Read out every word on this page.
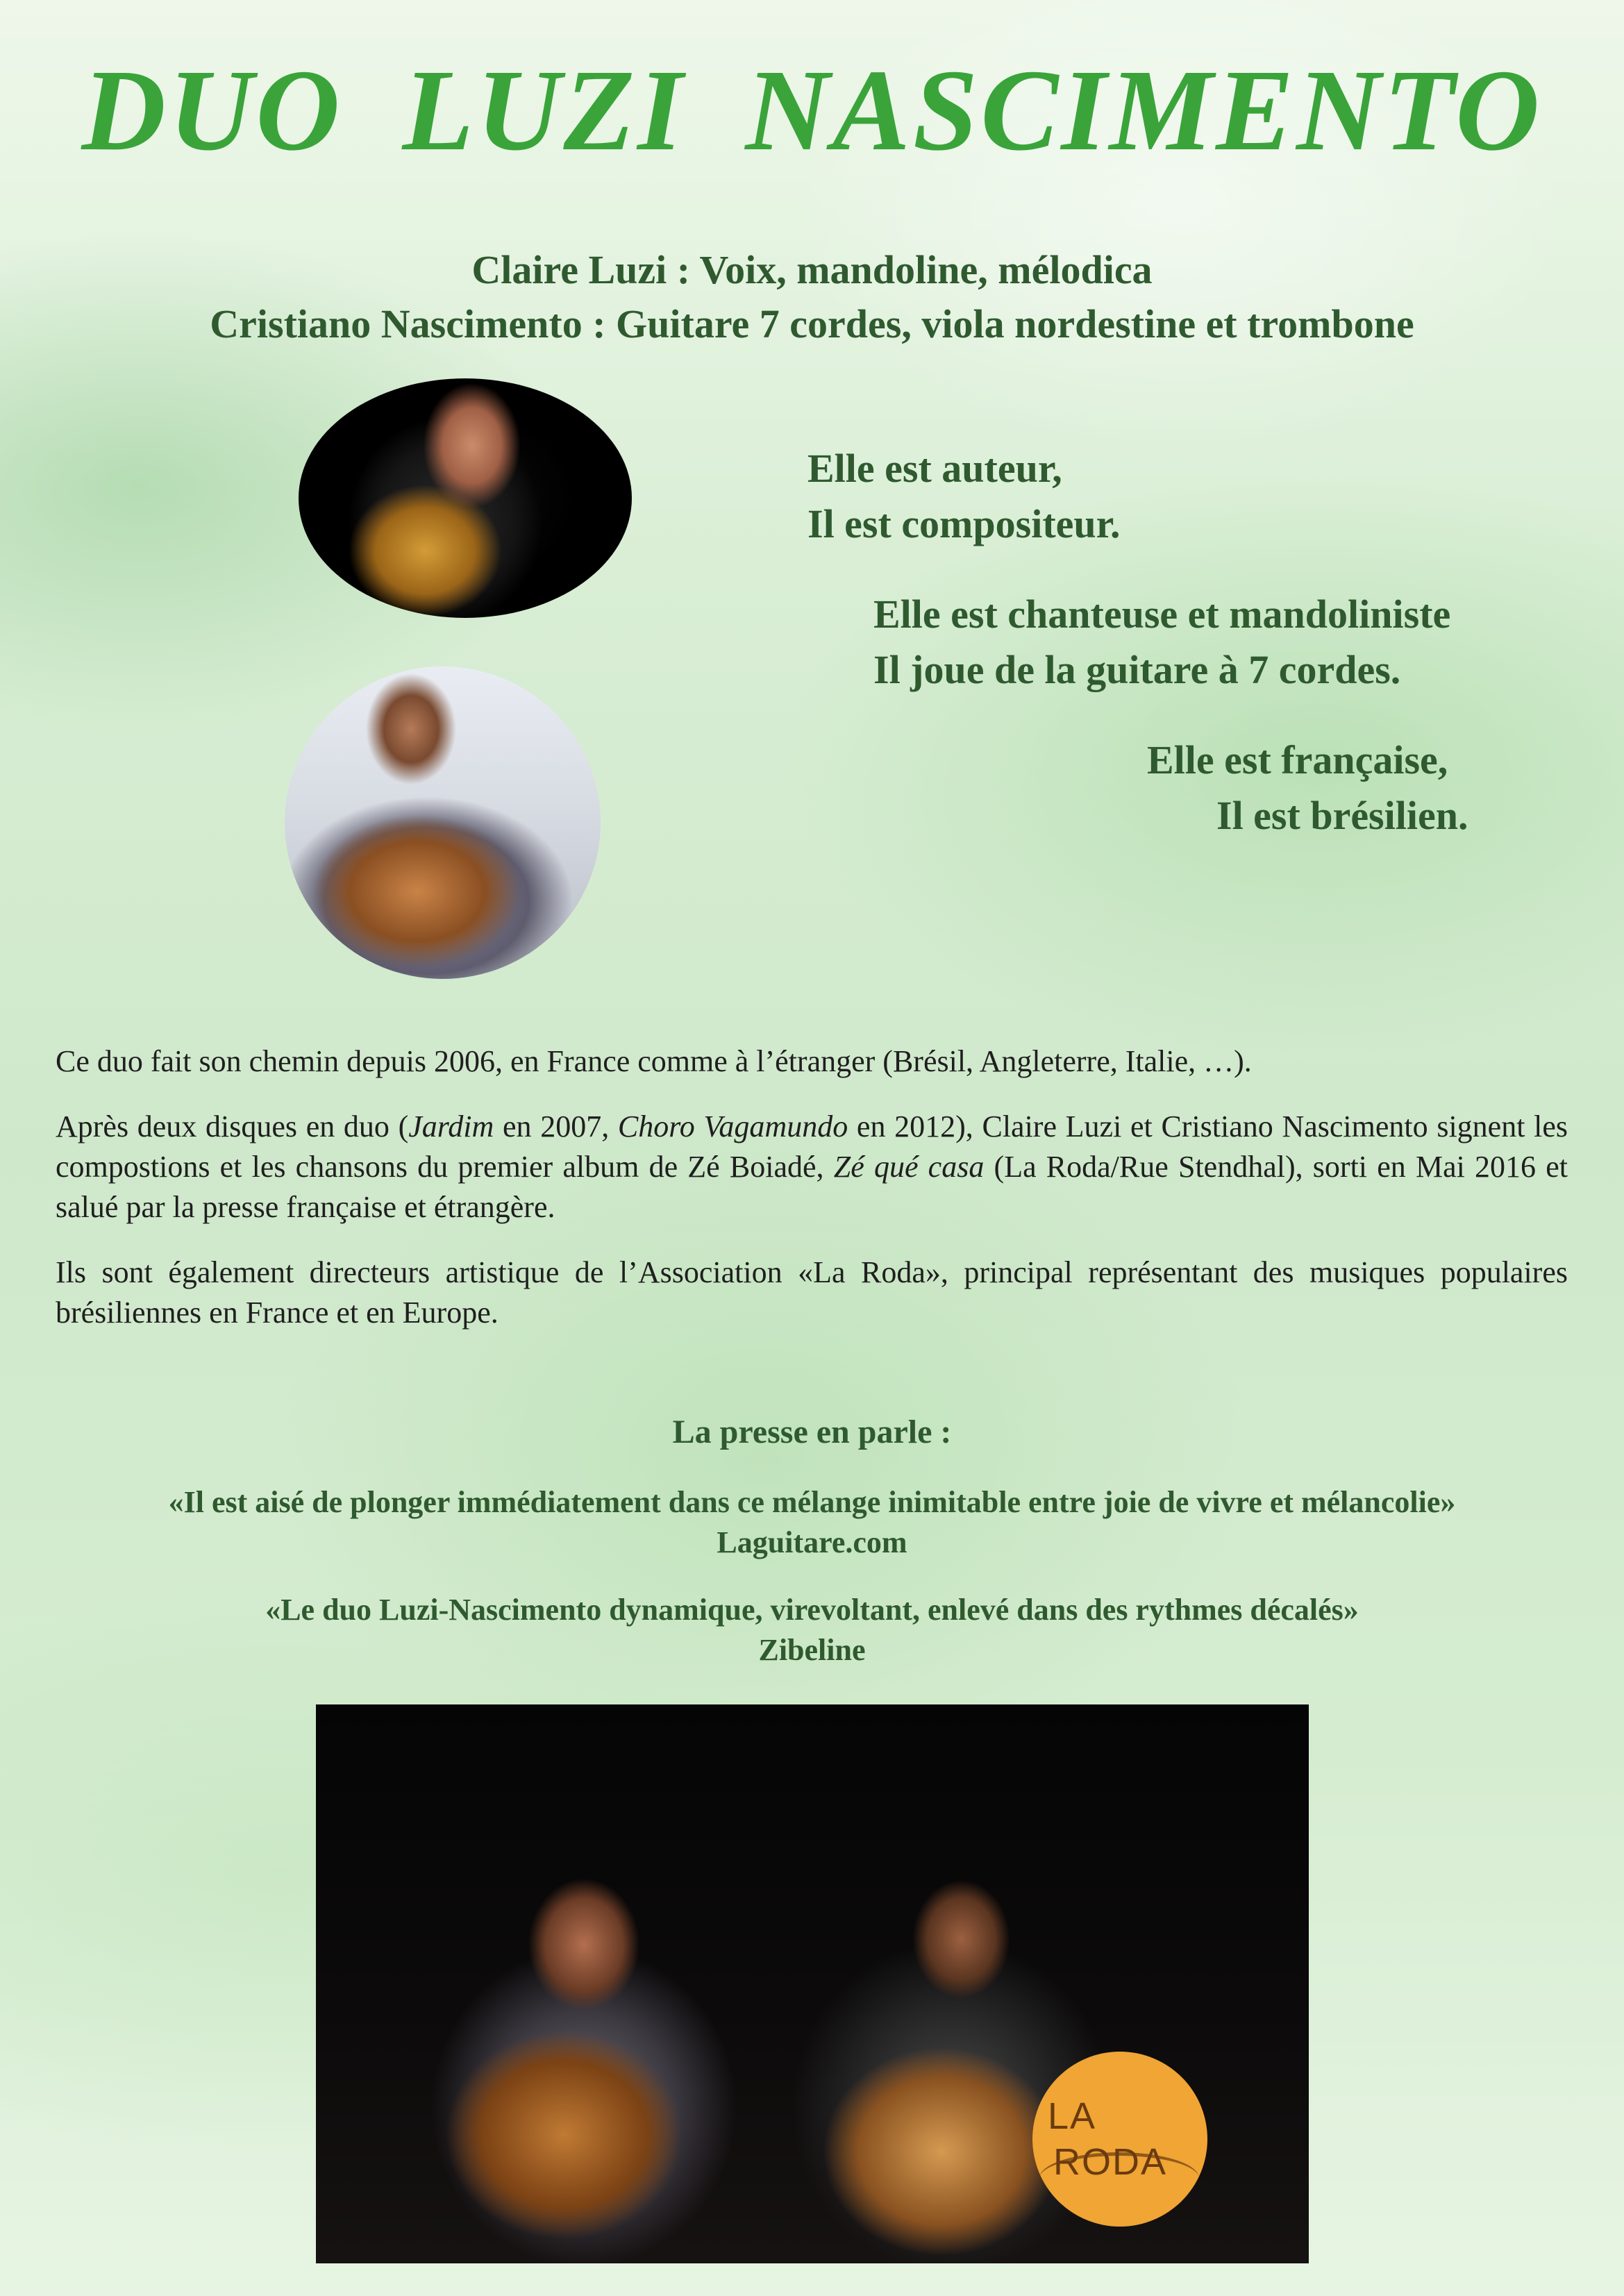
DUO LUZI NASCIMENTO
Claire Luzi : Voix, mandoline, mélodica
Cristiano Nascimento : Guitare 7 cordes, viola nordestine et trombone
Elle est auteur,
Il est compositeur.
Elle est chanteuse et mandoliniste
Il joue de la guitare à 7 cordes.
Elle est française,
Il est brésilien.

Ce duo fait son chemin depuis 2006, en France comme à l’étranger (Brésil, Angleterre, Italie, …).

Après deux disques en duo (Jardim en 2007, Choro Vagamundo en 2012), Claire Luzi et Cristiano Nascimento signent les compostions et les chansons du premier album de Zé Boiadé, Zé qué casa (La Roda/Rue Stendhal), sorti en Mai 2016 et salué par la presse française et étrangère.

Ils sont également directeurs artistique de l’Association «La Roda», principal représentant des musiques populaires brésiliennes en France et en Europe.

La presse en parle :
«Il est aisé de plonger immédiatement dans ce mélange inimitable entre joie de vivre et mélancolie»
Laguitare.com
«Le duo Luzi-Nascimento dynamique, virevoltant, enlevé dans des rythmes décalés»
Zibeline
LA
RODA
